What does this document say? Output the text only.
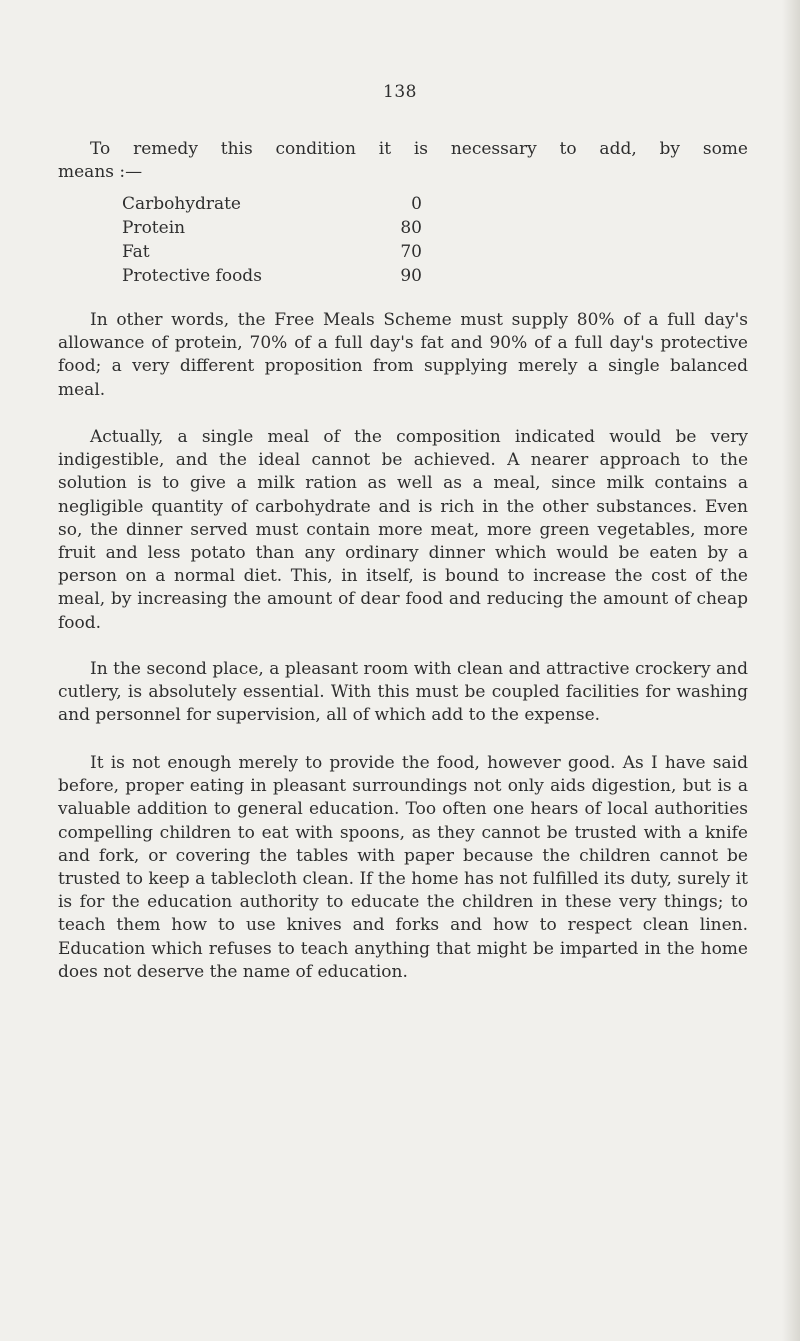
138

To remedy this condition it is necessary to add, by some

means :—

Carbohydrate	0
Protein	80
Fat	70
Protective foods	90

In other words, the Free Meals Scheme must supply 80% of a full day's allowance of protein, 70% of a full day's fat and 90% of a full day's protective food; a very different proposition from supplying merely a single balanced meal.

Actually, a single meal of the composition indicated would be very indigestible, and the ideal cannot be achieved. A nearer approach to the solution is to give a milk ration as well as a meal, since milk contains a negligible quantity of carbohydrate and is rich in the other substances. Even so, the dinner served must contain more meat, more green vegetables, more fruit and less potato than any ordinary dinner which would be eaten by a person on a normal diet. This, in itself, is bound to increase the cost of the meal, by increasing the amount of dear food and reducing the amount of cheap food.

In the second place, a pleasant room with clean and attractive crockery and cutlery, is absolutely essential. With this must be coupled facilities for washing and personnel for supervision, all of which add to the expense.

It is not enough merely to provide the food, however good. As I have said before, proper eating in pleasant surroundings not only aids digestion, but is a valuable addition to general education. Too often one hears of local authorities compelling children to eat with spoons, as they cannot be trusted with a knife and fork, or covering the tables with paper because the children cannot be trusted to keep a tablecloth clean. If the home has not fulfilled its duty, surely it is for the education authority to educate the children in these very things; to teach them how to use knives and forks and how to respect clean linen. Education which refuses to teach anything that might be imparted in the home does not deserve the name of education.
